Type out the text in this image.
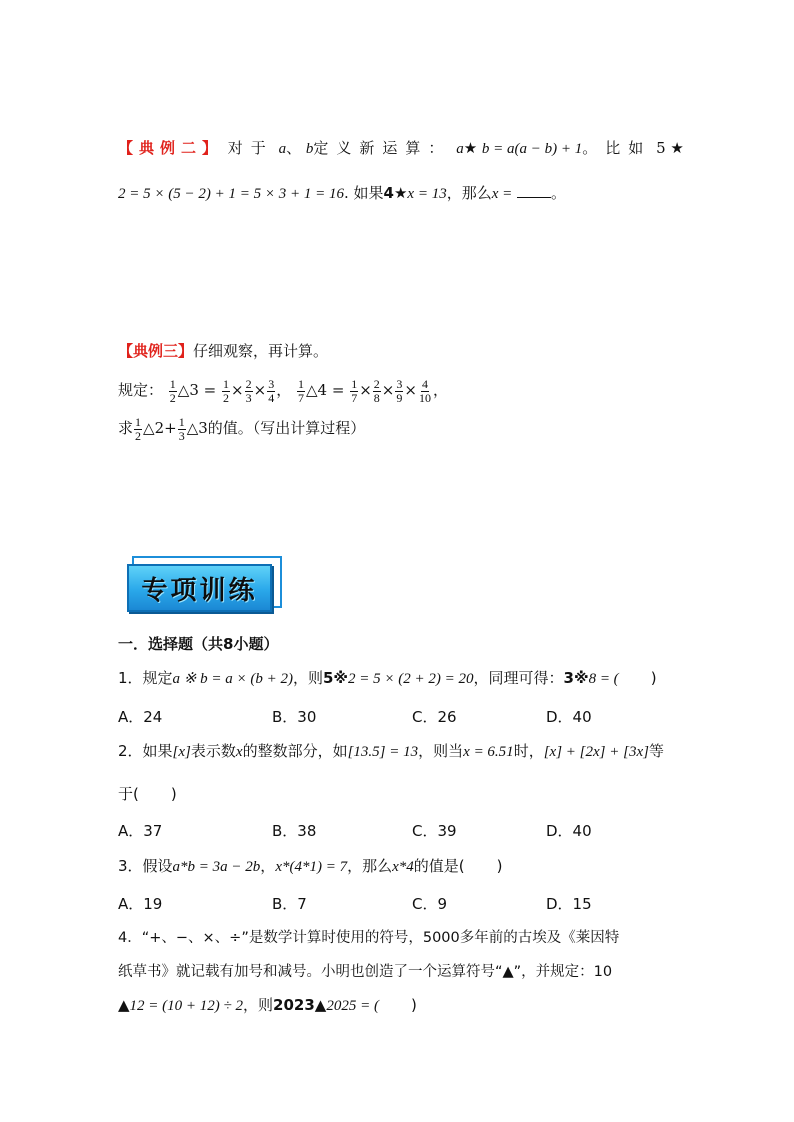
【典例二】 对于 a、 b定义新运算： a★ b = a(a − b) + 1。比如 5 ★
2 = 5 × (5 − 2) + 1 = 5 × 3 + 1 = 16. 如果4★x = 13，那么x =	。
【典例三】仔细观察，再计算。
规定： $\frac{1}{2}$ △3 = $\frac{1}{2} \times \frac{2}{3} \times \frac{3}{4}$ ， $\frac{1}{7}$ △4 = $\frac{1}{7} \times \frac{2}{8} \times \frac{3}{9} \times \frac{4}{10}$ ，
求 $\frac{1}{2}$ △2+ $\frac{1}{3}$ △3的值。（写出计算过程）
专项训练
一．选择题（共8小题）
1．规定a ※ b = a × (b + 2)，则5※2 = 5 × (2 + 2) = 20，同理可得：3※8 = ( )
A．24	B．30	C．26	D．40
2．如果[x]表示数x的整数部分，如[13.5] = 13，则当x = 6.51时，[x] + [2x] + [3x]等
于( )
A．37	B．38	C．39	D．40
3．假设a*b = 3a − 2b，x*(4*1) = 7，那么x*4的值是( )
A．19	B．7	C．9	D．15
4．“+、−、×、÷”是数学计算时使用的符号，5000多年前的古埃及《莱因特
纸草书》就记载有加号和减号。小明也创造了一个运算符号“▲”，并规定：10
▲12 = (10 + 12) ÷ 2，则2023▲2025 = ( )
